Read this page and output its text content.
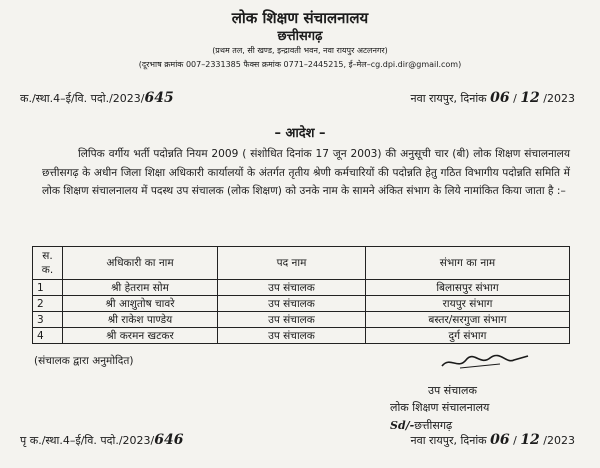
लोक शिक्षण संचालनालय
छत्तीसगढ़
(प्रथम तल, सी खण्ड, इन्द्रावती भवन, नवा रायपुर अटलनगर)
(दूरभाष क्रमांक 007–2331385 फैक्स क्रमांक 0771–2445215, ई–मेल–cg.dpi.dir@gmail.com)
क./स्था.4–ई/वि. पदो./2023/645	नवा रायपुर, दिनांक 06 / 12 /2023
– आदेश –
लिपिक वर्गीय भर्ती पदोन्नति नियम 2009 ( संशोधित दिनांक 17 जून 2003) की अनुसूची चार (बी) लोक शिक्षण संचालनालय छत्तीसगढ़ के अधीन जिला शिक्षा अधिकारी कार्यालयों के अंतर्गत तृतीय श्रेणी कर्मचारियों की पदोन्नति हेतु गठित विभागीय पदोन्नति समिति में लोक शिक्षण संचालनालय में पदस्थ उप संचालक (लोक शिक्षण) को उनके नाम के सामने अंकित संभाग के लिये नामांकित किया जाता है :–
स. क.	अधिकारी का नाम	पद नाम	संभाग का नाम
1	श्री हेतराम सोम	उप संचालक	बिलासपुर संभाग
2	श्री आशुतोष चावरे	उप संचालक	रायपुर संभाग
3	श्री राकेश पाण्डेय	उप संचालक	बस्तर/सरगुजा संभाग
4	श्री करमन खटकर	उप संचालक	दुर्ग संभाग
(संचालक द्वारा अनुमोदित)
उप संचालक
लोक शिक्षण संचालनालय
Sd/-छत्तीसगढ़
पृ क./स्था.4–ई/वि. पदो./2023/646	नवा रायपुर, दिनांक 06 / 12 /2023
